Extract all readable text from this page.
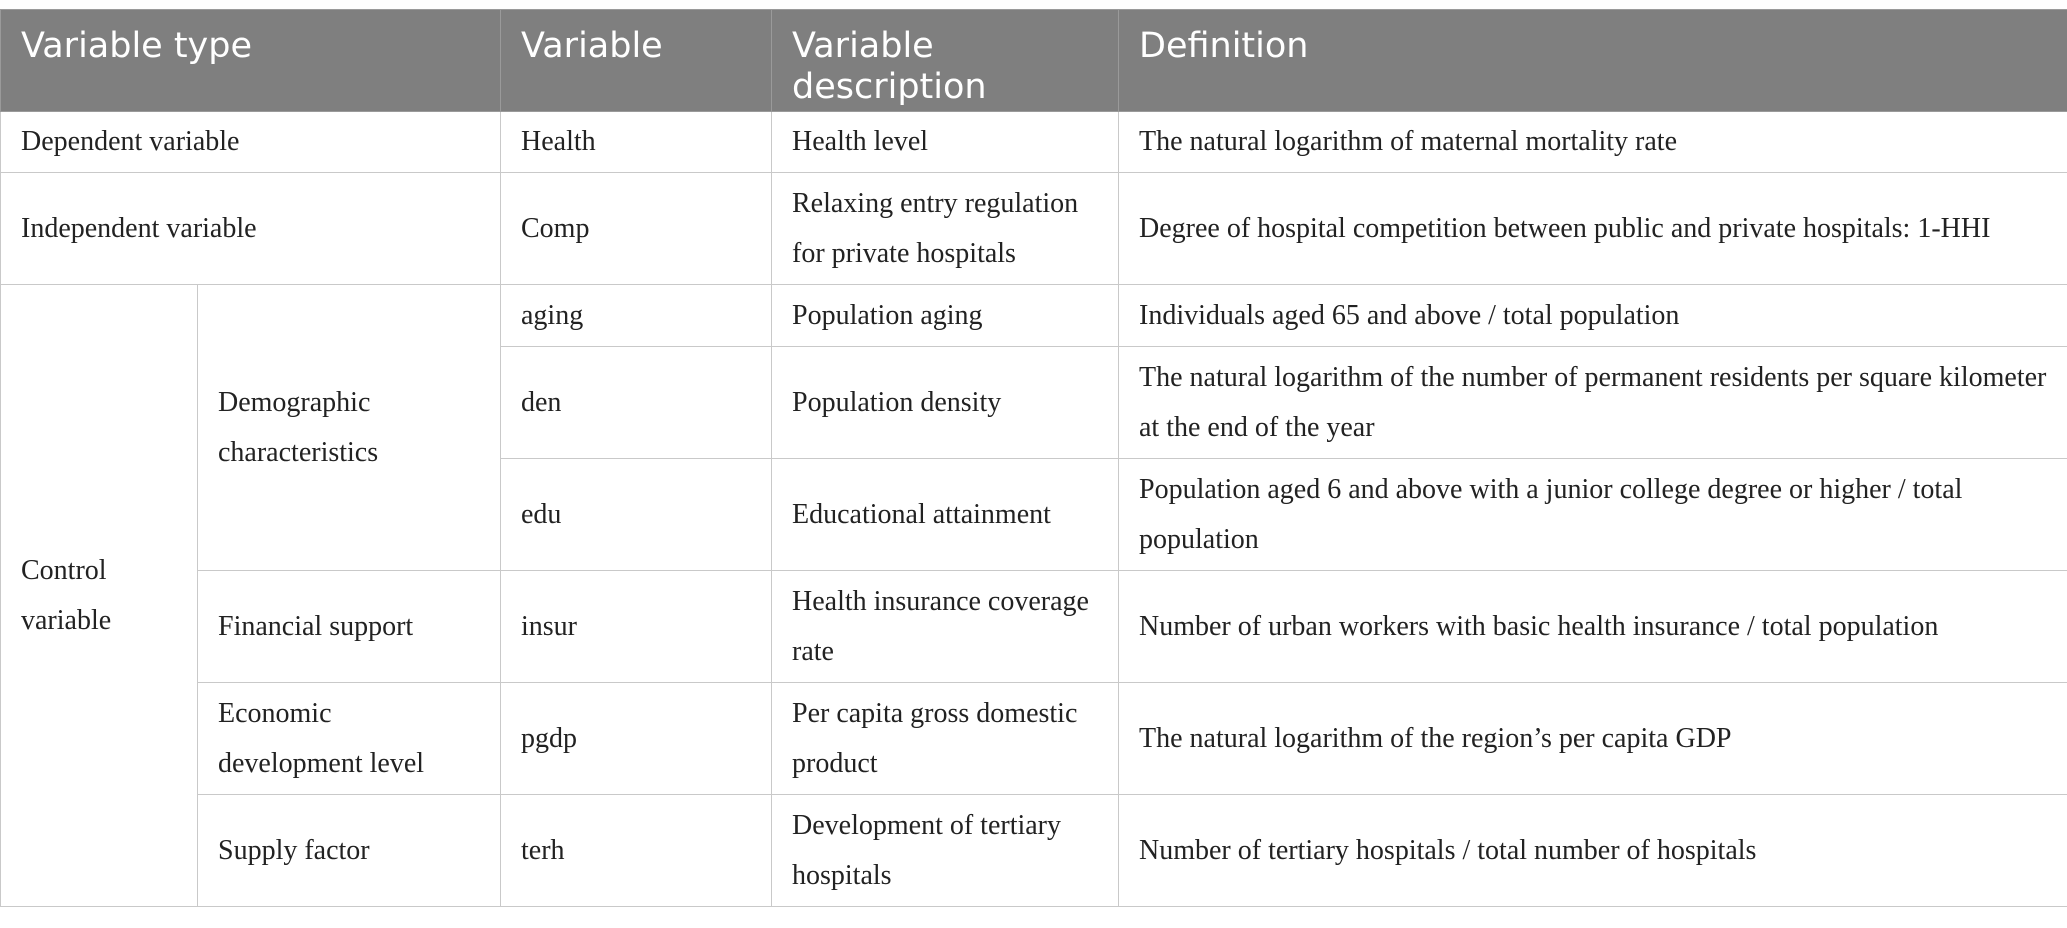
Variable type		Variable	Variable description	Definition
Dependent variable		Health	Health level	The natural logarithm of maternal mortality rate
Independent variable		Comp	Relaxing entry regulation for private hospitals	Degree of hospital competition between public and private hospitals: 1-HHI
Control variable	Demographic characteristics	aging	Population aging	Individuals aged 65 and above / total population
		den	Population density	The natural logarithm of the number of permanent residents per square kilometer at the end of the year
		edu	Educational attainment	Population aged 6 and above with a junior college degree or higher / total population
	Financial support	insur	Health insurance coverage rate	Number of urban workers with basic health insurance / total population
	Economic development level	pgdp	Per capita gross domestic product	The natural logarithm of the region’s per capita GDP
	Supply factor	terh	Development of tertiary hospitals	Number of tertiary hospitals / total number of hospitals
